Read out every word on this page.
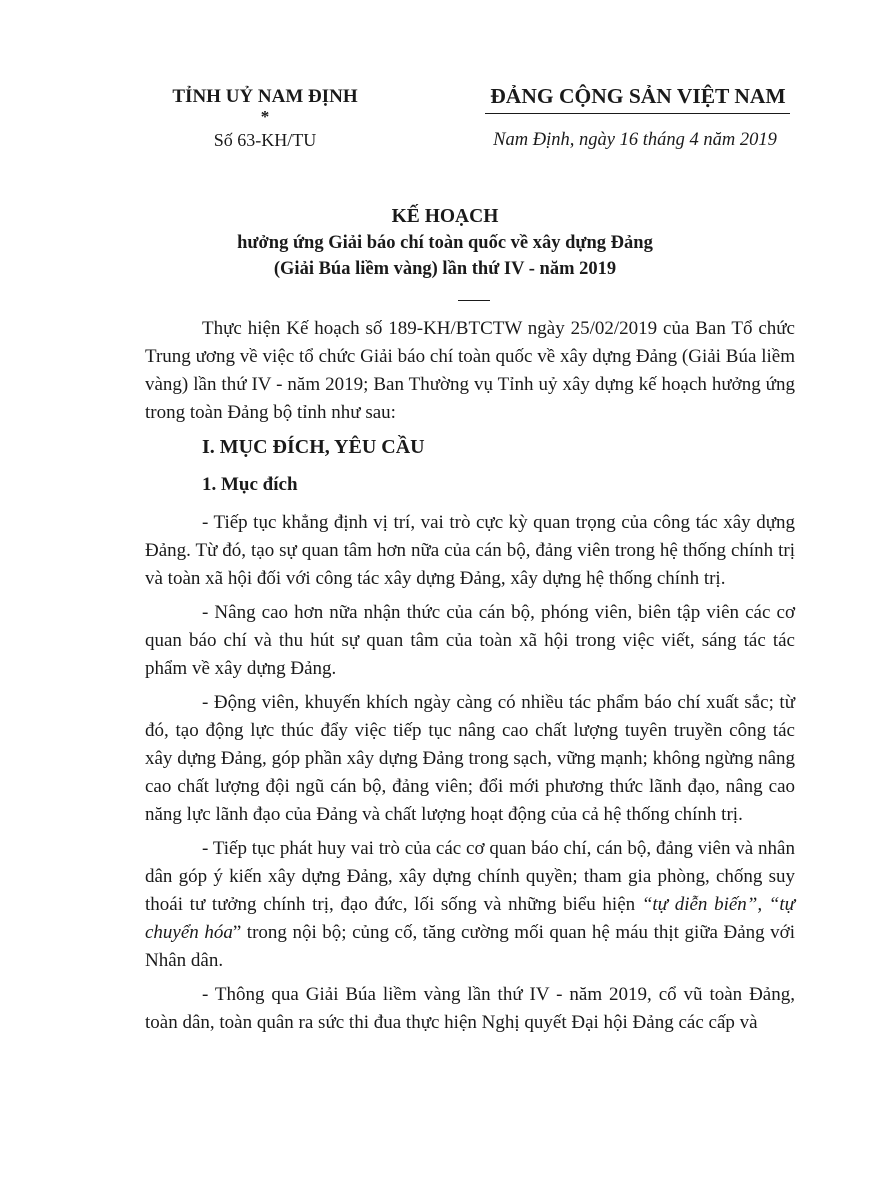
TỈNH UỶ NAM ĐỊNH
*
Số 63-KH/TU
ĐẢNG CỘNG SẢN VIỆT NAM
Nam Định, ngày 16 tháng 4 năm 2019
KẾ HOẠCH
hưởng ứng Giải báo chí toàn quốc về xây dựng Đảng
(Giải Búa liềm vàng) lần thứ IV - năm 2019

Thực hiện Kế hoạch số 189-KH/BTCTW ngày 25/02/2019 của Ban Tổ chức Trung ương về việc tổ chức Giải báo chí toàn quốc về xây dựng Đảng (Giải Búa liềm vàng) lần thứ IV - năm 2019; Ban Thường vụ Tỉnh uỷ xây dựng kế hoạch hưởng ứng trong toàn Đảng bộ tỉnh như sau:

I. MỤC ĐÍCH, YÊU CẦU
1. Mục đích

- Tiếp tục khẳng định vị trí, vai trò cực kỳ quan trọng của công tác xây dựng Đảng. Từ đó, tạo sự quan tâm hơn nữa của cán bộ, đảng viên trong hệ thống chính trị và toàn xã hội đối với công tác xây dựng Đảng, xây dựng hệ thống chính trị.

- Nâng cao hơn nữa nhận thức của cán bộ, phóng viên, biên tập viên các cơ quan báo chí và thu hút sự quan tâm của toàn xã hội trong việc viết, sáng tác tác phẩm về xây dựng Đảng.

- Động viên, khuyến khích ngày càng có nhiều tác phẩm báo chí xuất sắc; từ đó, tạo động lực thúc đẩy việc tiếp tục nâng cao chất lượng tuyên truyền công tác xây dựng Đảng, góp phần xây dựng Đảng trong sạch, vững mạnh; không ngừng nâng cao chất lượng đội ngũ cán bộ, đảng viên; đổi mới phương thức lãnh đạo, nâng cao năng lực lãnh đạo của Đảng và chất lượng hoạt động của cả hệ thống chính trị.

- Tiếp tục phát huy vai trò của các cơ quan báo chí, cán bộ, đảng viên và nhân dân góp ý kiến xây dựng Đảng, xây dựng chính quyền; tham gia phòng, chống suy thoái tư tưởng chính trị, đạo đức, lối sống và những biểu hiện “tự diễn biến”, “tự chuyển hóa” trong nội bộ; củng cố, tăng cường mối quan hệ máu thịt giữa Đảng với Nhân dân.

- Thông qua Giải Búa liềm vàng lần thứ IV - năm 2019, cổ vũ toàn Đảng, toàn dân, toàn quân ra sức thi đua thực hiện Nghị quyết Đại hội Đảng các cấp và
